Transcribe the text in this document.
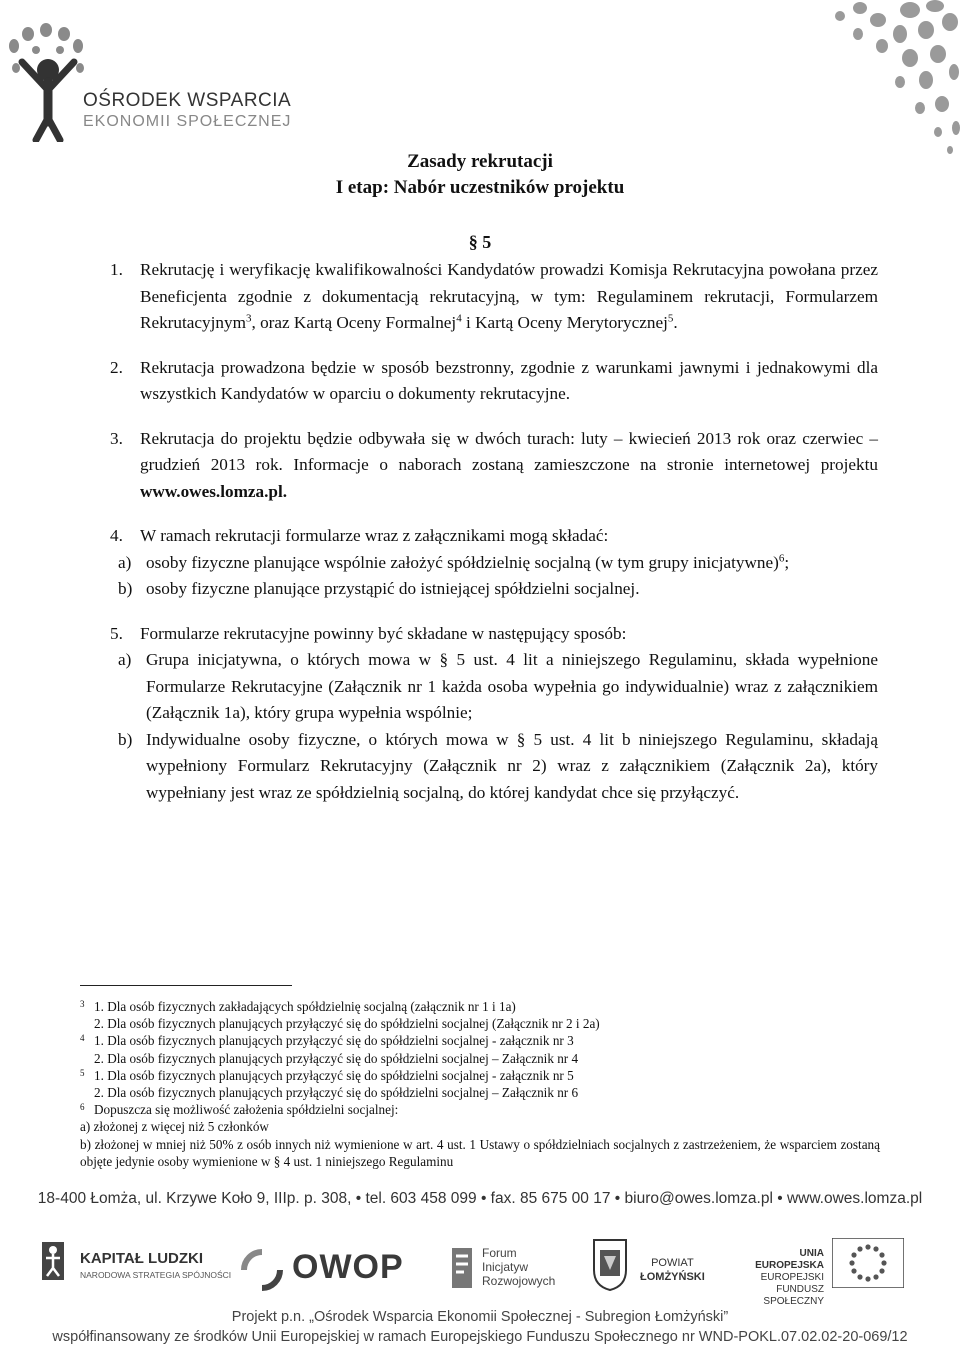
OŚRODEK WSPARCIA
EKONOMII SPOŁECZNEJ
Zasady rekrutacji
I etap: Nabór uczestników projektu
§ 5
1. Rekrutację i weryfikację kwalifikowalności Kandydatów prowadzi Komisja Rekrutacyjna powołana przez Beneficjenta zgodnie z dokumentacją rekrutacyjną, w tym: Regulaminem rekrutacji, Formularzem Rekrutacyjnym$^3$, oraz Kartą Oceny Formalnej$^4$ i Kartą Oceny Merytorycznej$^5$.
2. Rekrutacja prowadzona będzie w sposób bezstronny, zgodnie z warunkami jawnymi i jednakowymi dla wszystkich Kandydatów w oparciu o dokumenty rekrutacyjne.
3. Rekrutacja do projektu będzie odbywała się w dwóch turach: luty – kwiecień 2013 rok oraz czerwiec – grudzień 2013 rok. Informacje o naborach zostaną zamieszczone na stronie internetowej projektu www.owes.lomza.pl.
4. W ramach rekrutacji formularze wraz z załącznikami mogą składać:
a) osoby fizyczne planujące wspólnie założyć spółdzielnię socjalną (w tym grupy inicjatywne)$^6$;
b) osoby fizyczne planujące przystąpić do istniejącej spółdzielni socjalnej.
5. Formularze rekrutacyjne powinny być składane w następujący sposób:
a) Grupa inicjatywna, o których mowa w § 5 ust. 4 lit a niniejszego Regulaminu, składa wypełnione Formularze Rekrutacyjne (Załącznik nr 1 każda osoba wypełnia go indywidualnie) wraz z załącznikiem (Załącznik 1a), który grupa wypełnia wspólnie;
b) Indywidualne osoby fizyczne, o których mowa w § 5 ust. 4 lit b niniejszego Regulaminu, składają wypełniony Formularz Rekrutacyjny (Załącznik nr 2) wraz z załącznikiem (Załącznik 2a), który wypełniany jest wraz ze spółdzielnią socjalną, do której kandydat chce się przyłączyć.
3 1. Dla osób fizycznych zakładających spółdzielnię socjalną (załącznik nr 1 i 1a)
2. Dla osób fizycznych planujących przyłączyć się do spółdzielni socjalnej (Załącznik nr 2 i 2a)
4 1. Dla osób fizycznych planujących przyłączyć się do spółdzielni socjalnej - załącznik nr 3
2. Dla osób fizycznych planujących przyłączyć się do spółdzielni socjalnej – Załącznik nr 4
5 1. Dla osób fizycznych planujących przyłączyć się do spółdzielni socjalnej - załącznik nr 5
2. Dla osób fizycznych planujących przyłączyć się do spółdzielni socjalnej – Załącznik nr 6
6 Dopuszcza się możliwość założenia spółdzielni socjalnej:
a) złożonej z więcej niż 5 członków
b) złożonej w mniej niż 50% z osób innych niż wymienione w art. 4 ust. 1 Ustawy o spółdzielniach socjalnych z zastrzeżeniem, że wsparciem zostaną objęte jedynie osoby wymienione w § 4 ust. 1 niniejszego Regulaminu
18-400 Łomża, ul. Krzywe Koło 9, IIIp. p. 308, • tel. 603 458 099 • fax. 85 675 00 17 • biuro@owes.lomza.pl • www.owes.lomza.pl
KAPITAŁ LUDZKI
NARODOWA STRATEGIA SPÓJNOŚCI OWOP	Forum
Inicjatyw
Rozwojowych
POWIAT
ŁOMŻYŃSKI
UNIA EUROPEJSKA
EUROPEJSKI
FUNDUSZ SPOŁECZNY
Projekt p.n. „Ośrodek Wsparcia Ekonomii Społecznej - Subregion Łomżyński”
współfinansowany ze środków Unii Europejskiej w ramach Europejskiego Funduszu Społecznego nr WND-POKL.07.02.02-20-069/12
